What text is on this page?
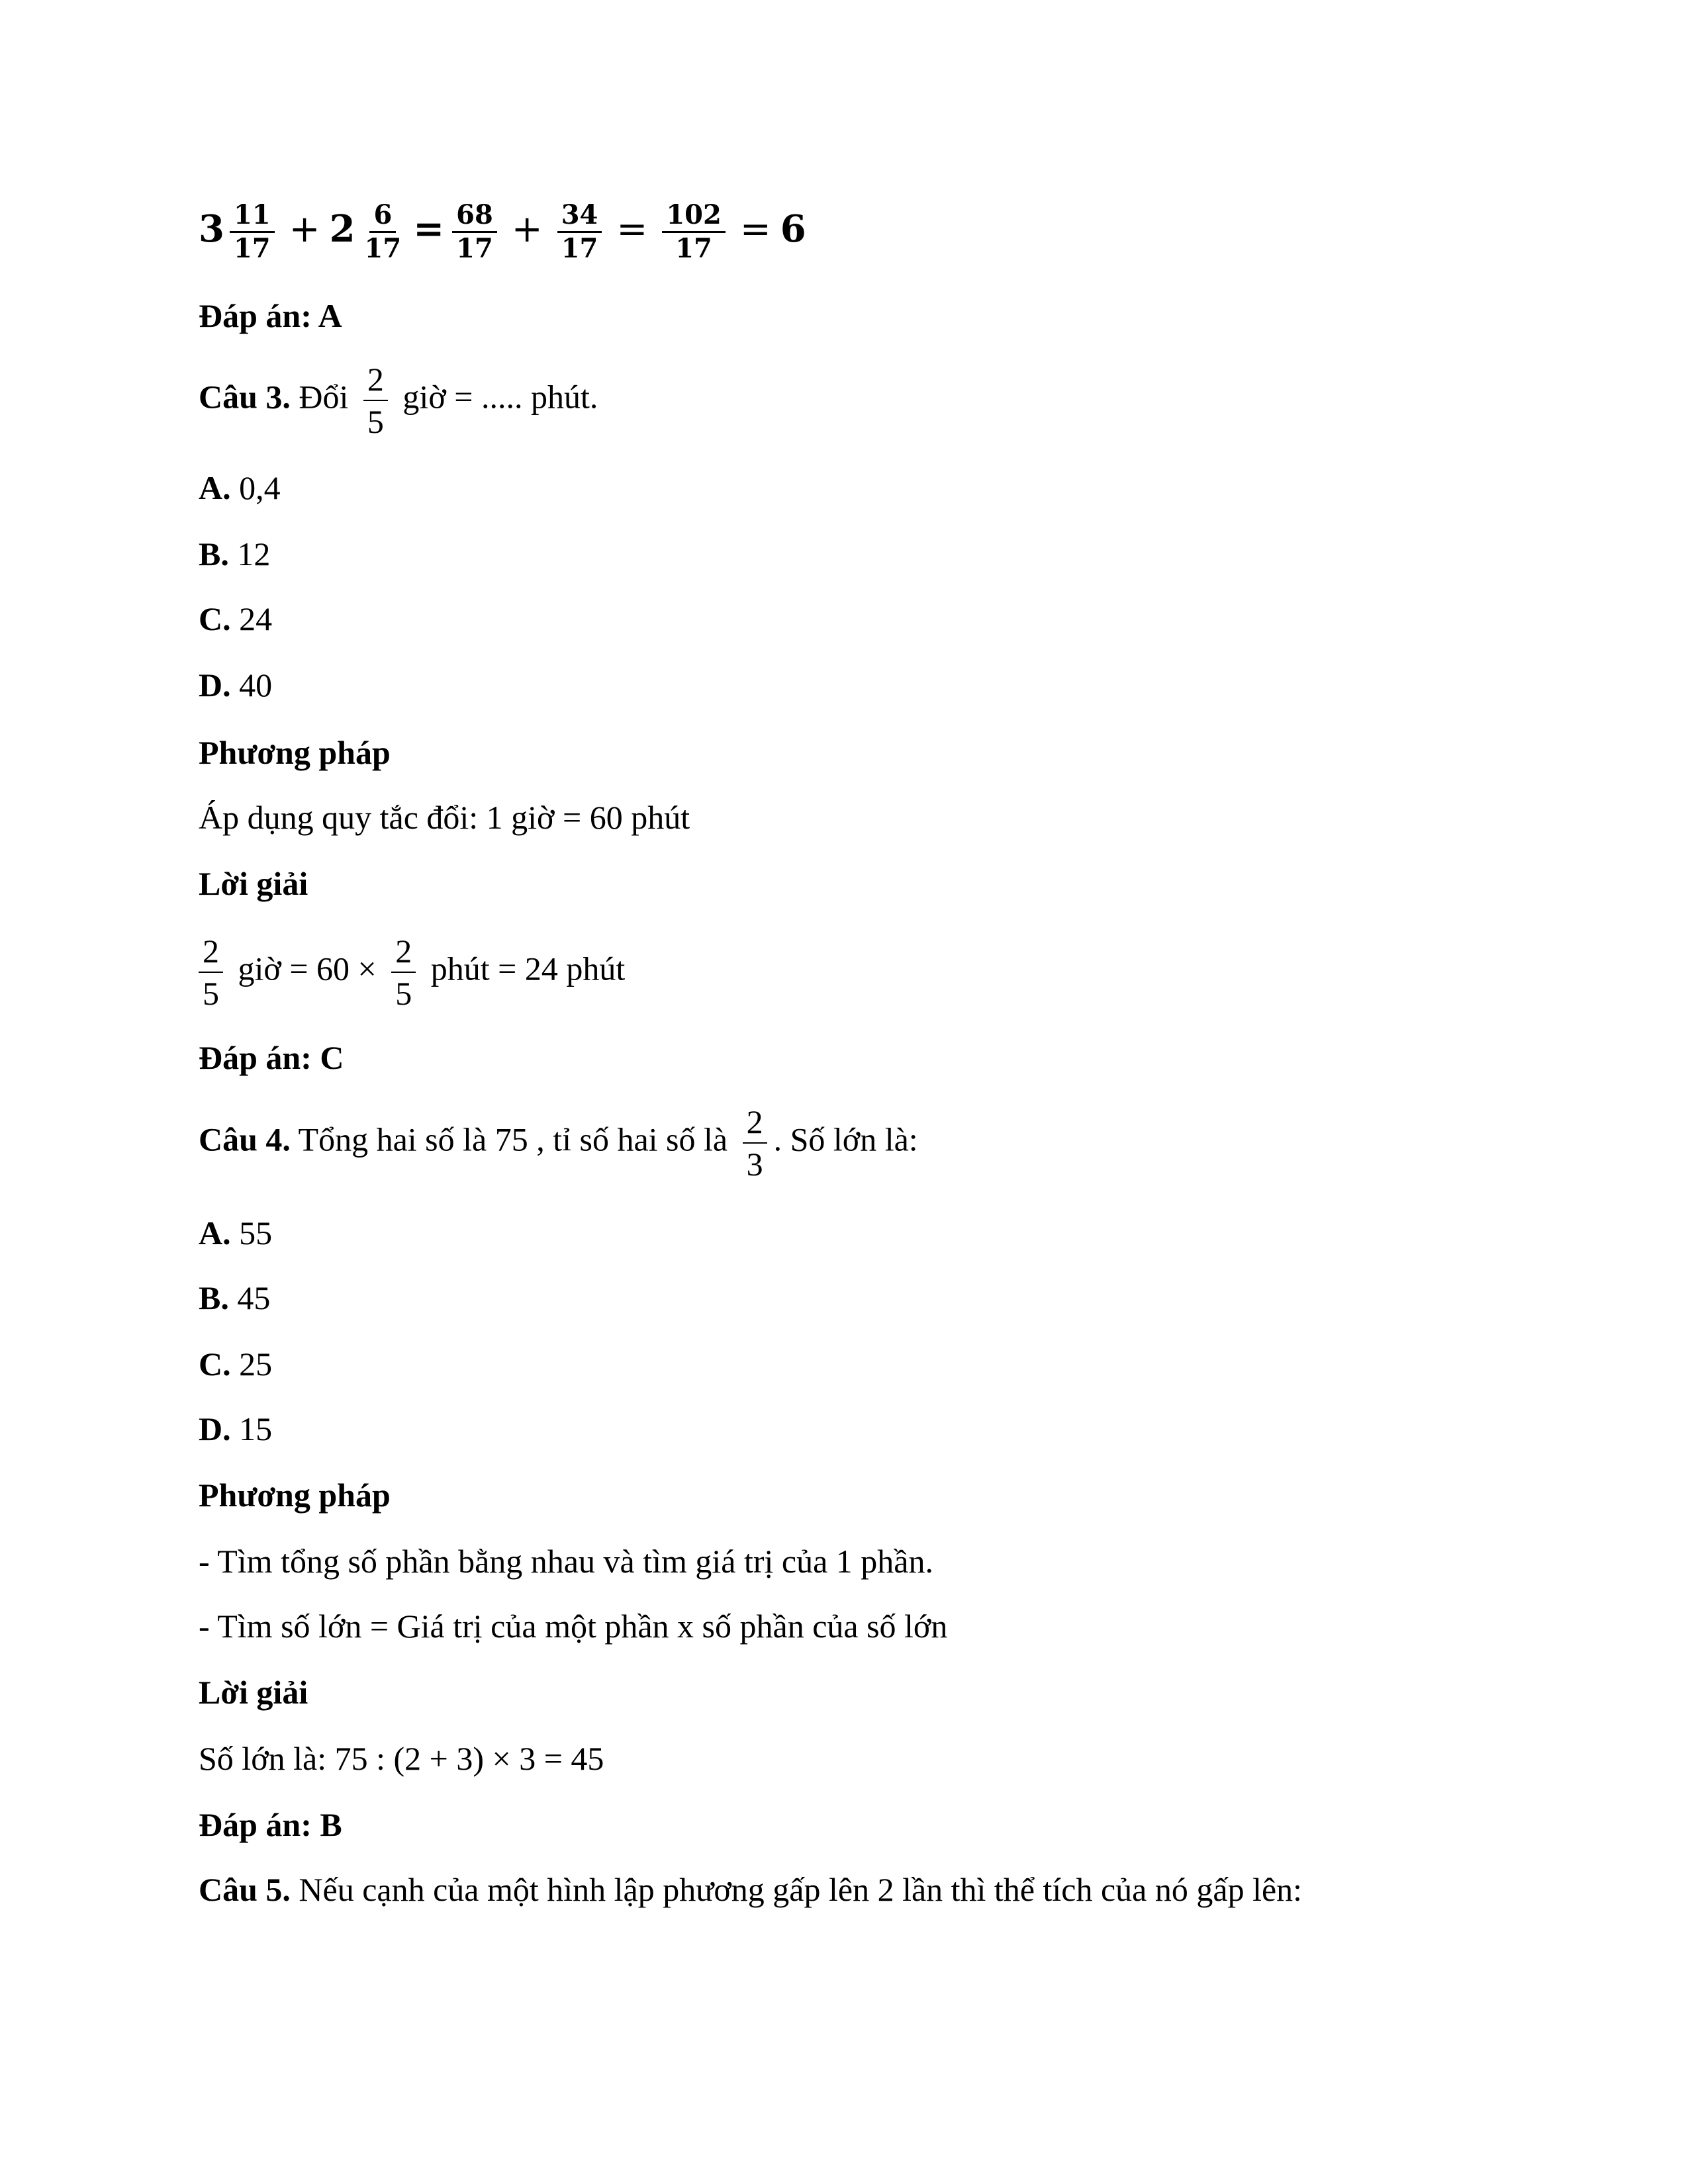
$3 \frac{11}{17} + 2 \frac{6}{17} = \frac{68}{17} + \frac{34}{17} = \frac{102}{17} = 6$
Đáp án: A
Câu 3. Đổi $\frac{2}{5}$ giờ = ..... phút.
A. 0,4
B. 12
C. 24
D. 40
Phương pháp
Áp dụng quy tắc đổi: 1 giờ = 60 phút
Lời giải
$\frac{2}{5}$ giờ = $60 \times \frac{2}{5}$ phút = 24 phút
Đáp án: C
Câu 4. Tổng hai số là 75 , tỉ số hai số là $\frac{2}{3}$ . Số lớn là:
A. 55
B. 45
C. 25
D. 15
Phương pháp
- Tìm tổng số phần bằng nhau và tìm giá trị của 1 phần.
- Tìm số lớn = Giá trị của một phần x số phần của số lớn
Lời giải
Số lớn là: 75 : (2 + 3) × 3 = 45
Đáp án: B
Câu 5. Nếu cạnh của một hình lập phương gấp lên 2 lần thì thể tích của nó gấp lên:
